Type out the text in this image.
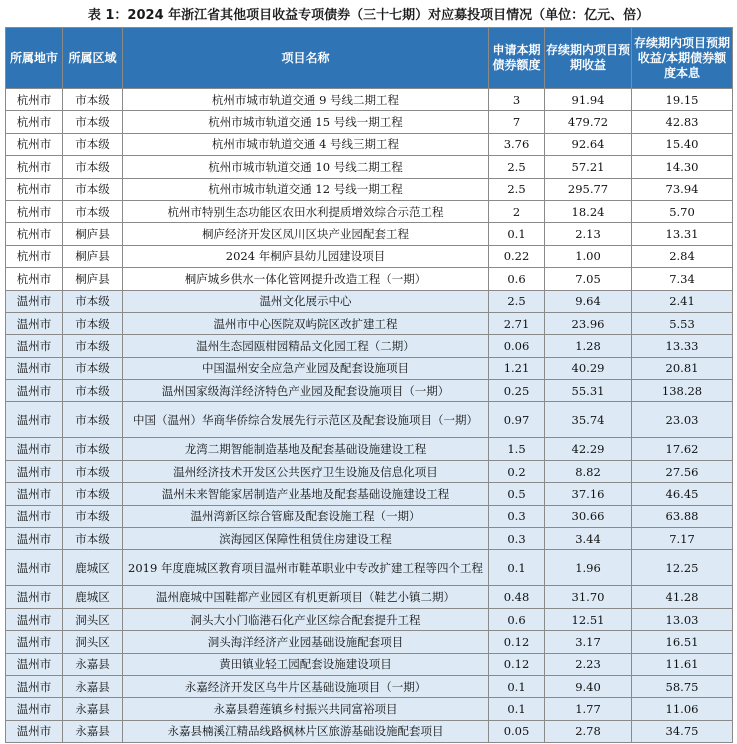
表 1：2024 年浙江省其他项目收益专项债券（三十七期）对应募投项目情况（单位：亿元、倍）
所属地市	所属区域	项目名称	申请本期债券额度	存续期内项目预期收益	存续期内项目预期收益/本期债券额度本息
杭州市	市本级	杭州市城市轨道交通 9 号线二期工程	3	91.94	19.15
杭州市	市本级	杭州市城市轨道交通 15 号线一期工程	7	479.72	42.83
杭州市	市本级	杭州市城市轨道交通 4 号线三期工程	3.76	92.64	15.40
杭州市	市本级	杭州市城市轨道交通 10 号线二期工程	2.5	57.21	14.30
杭州市	市本级	杭州市城市轨道交通 12 号线一期工程	2.5	295.77	73.94
杭州市	市本级	杭州市特别生态功能区农田水利提质增效综合示范工程	2	18.24	5.70
杭州市	桐庐县	桐庐经济开发区凤川区块产业园配套工程	0.1	2.13	13.31
杭州市	桐庐县	2024 年桐庐县幼儿园建设项目	0.22	1.00	2.84
杭州市	桐庐县	桐庐城乡供水一体化管网提升改造工程（一期）	0.6	7.05	7.34
温州市	市本级	温州文化展示中心	2.5	9.64	2.41
温州市	市本级	温州市中心医院双屿院区改扩建工程	2.71	23.96	5.53
温州市	市本级	温州生态园瓯柑园精品文化园工程（二期）	0.06	1.28	13.33
温州市	市本级	中国温州安全应急产业园及配套设施项目	1.21	40.29	20.81
温州市	市本级	温州国家级海洋经济特色产业园及配套设施项目（一期）	0.25	55.31	138.28
温州市	市本级	中国（温州）华商华侨综合发展先行示范区及配套设施项目（一期）	0.97	35.74	23.03
温州市	市本级	龙湾二期智能制造基地及配套基础设施建设工程	1.5	42.29	17.62
温州市	市本级	温州经济技术开发区公共医疗卫生设施及信息化项目	0.2	8.82	27.56
温州市	市本级	温州未来智能家居制造产业基地及配套基础设施建设工程	0.5	37.16	46.45
温州市	市本级	温州湾新区综合管廊及配套设施工程（一期）	0.3	30.66	63.88
温州市	市本级	滨海园区保障性租赁住房建设工程	0.3	3.44	7.17
温州市	鹿城区	2019 年度鹿城区教育项目温州市鞋革职业中专改扩建工程等四个工程	0.1	1.96	12.25
温州市	鹿城区	温州鹿城中国鞋都产业园区有机更新项目（鞋艺小镇二期）	0.48	31.70	41.28
温州市	洞头区	洞头大小门临港石化产业区综合配套提升工程	0.6	12.51	13.03
温州市	洞头区	洞头海洋经济产业园基础设施配套项目	0.12	3.17	16.51
温州市	永嘉县	黄田镇业轻工园配套设施建设项目	0.12	2.23	11.61
温州市	永嘉县	永嘉经济开发区乌牛片区基础设施项目（一期）	0.1	9.40	58.75
温州市	永嘉县	永嘉县碧莲镇乡村振兴共同富裕项目	0.1	1.77	11.06
温州市	永嘉县	永嘉县楠溪江精品线路枫林片区旅游基础设施配套项目	0.05	2.78	34.75
